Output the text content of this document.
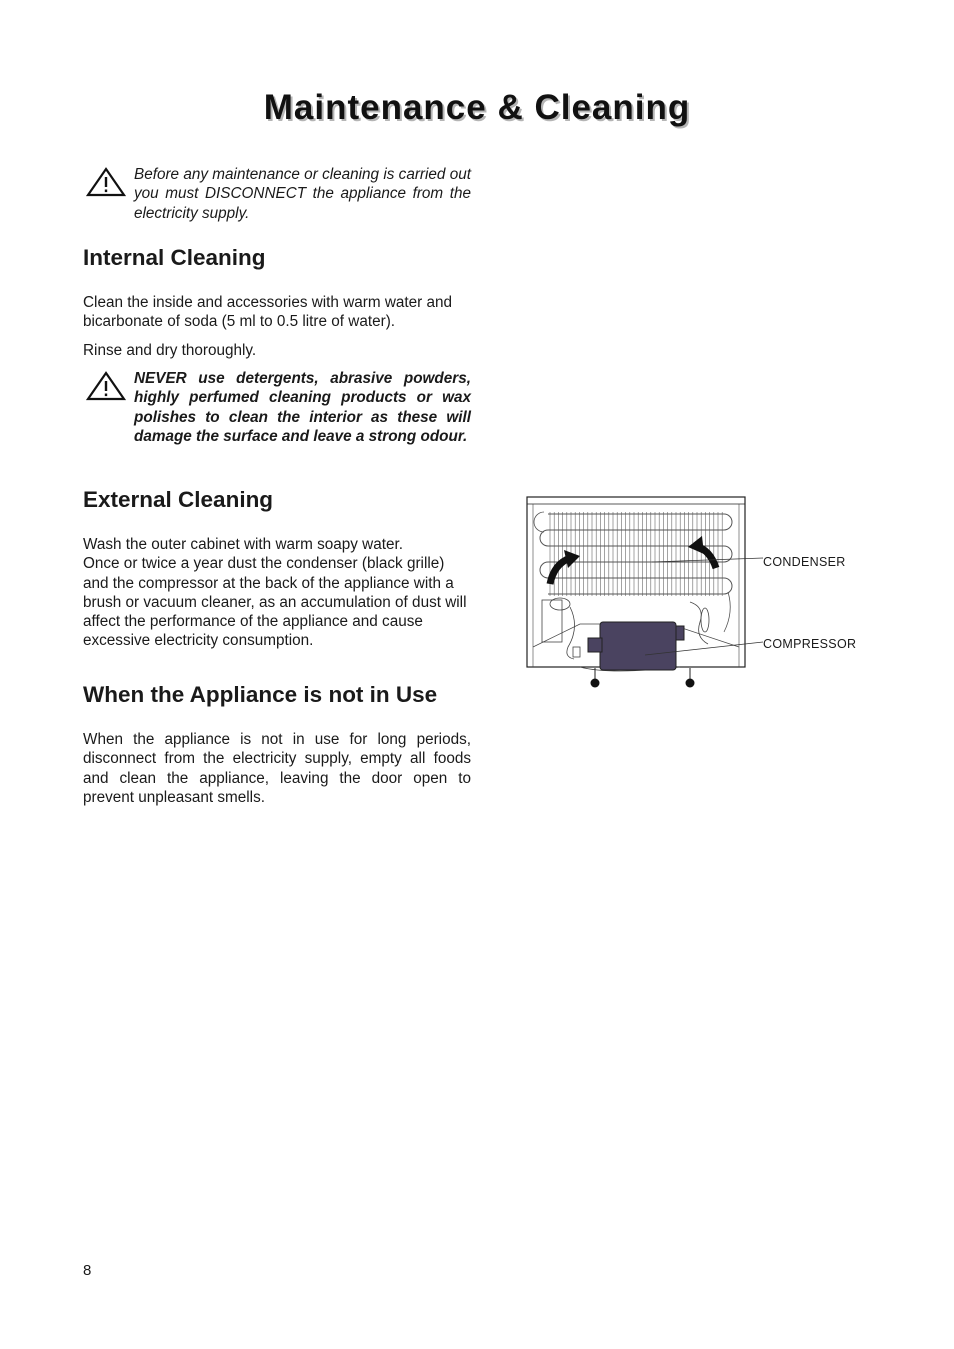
Maintenance & Cleaning
Before any maintenance or cleaning is carried out you must DISCONNECT the appliance from the electricity supply.
Internal Cleaning

Clean the inside and accessories with warm water and bicarbonate of soda (5 ml to 0.5 litre of water).

Rinse and dry thoroughly.

NEVER use detergents, abrasive powders, highly perfumed cleaning products or wax polishes to clean the interior as these will damage the surface and leave a strong odour.
External Cleaning

Wash the outer cabinet with warm soapy water.

Once or twice a year dust the condenser (black grille) and the compressor at the back of the appliance with a brush or vacuum cleaner, as an accumulation of dust will affect the performance of the appliance and cause excessive electricity consumption.

When the Appliance is not in Use

When the appliance is not in use for long periods, disconnect from the electricity supply, empty all foods and clean the appliance, leaving the door open to prevent unpleasant smells.

CONDENSER
COMPRESSOR
8
